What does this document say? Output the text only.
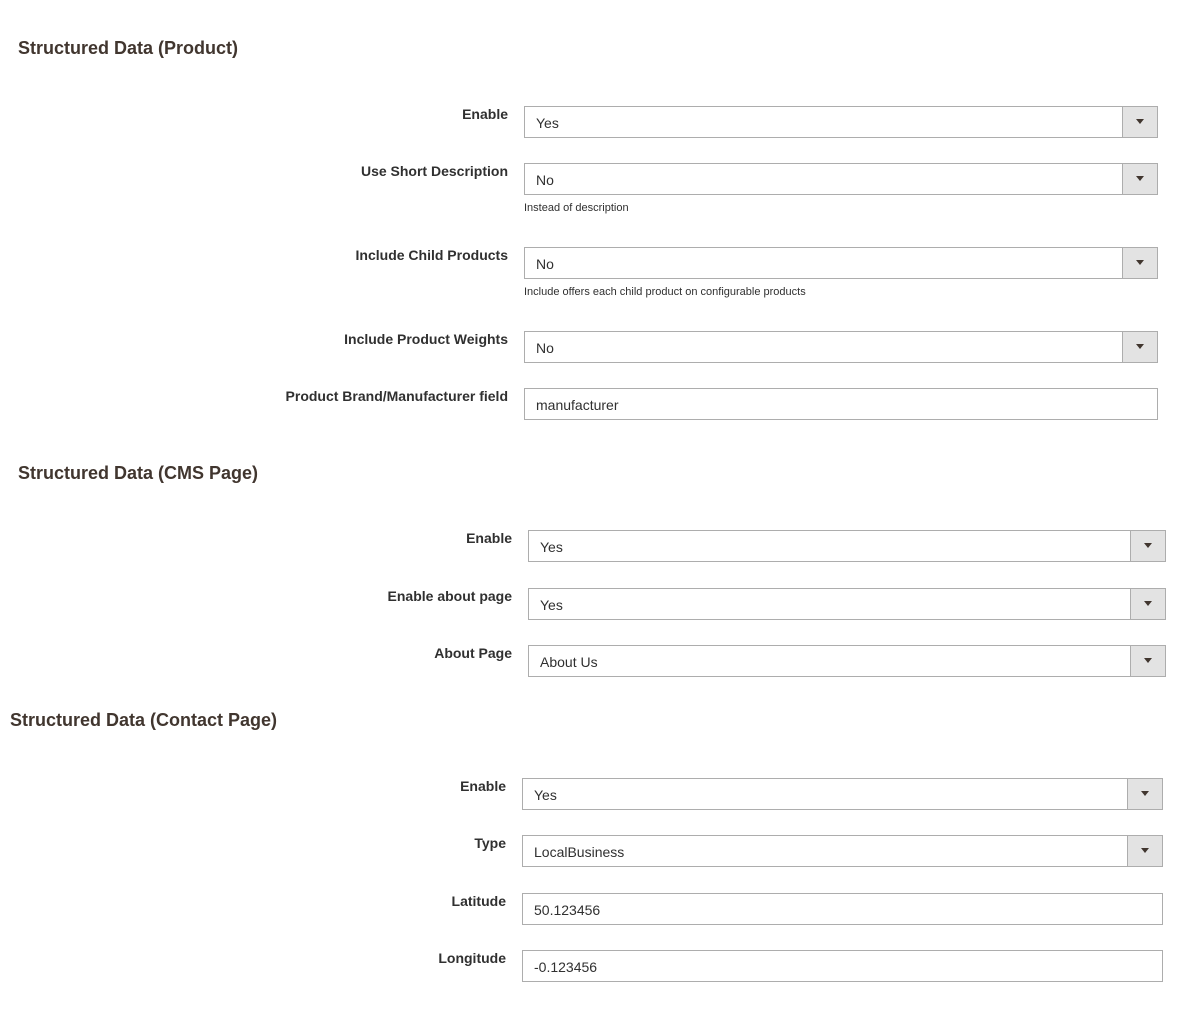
Structured Data (Product)
Enable
Yes
Use Short Description
No
Instead of description
Include Child Products
No
Include offers each child product on configurable products
Include Product Weights
No
Product Brand/Manufacturer field
manufacturer
Structured Data (CMS Page)
Enable
Yes
Enable about page
Yes
About Page
About Us
Structured Data (Contact Page)
Enable
Yes
Type
LocalBusiness
Latitude
50.123456
Longitude
-0.123456
